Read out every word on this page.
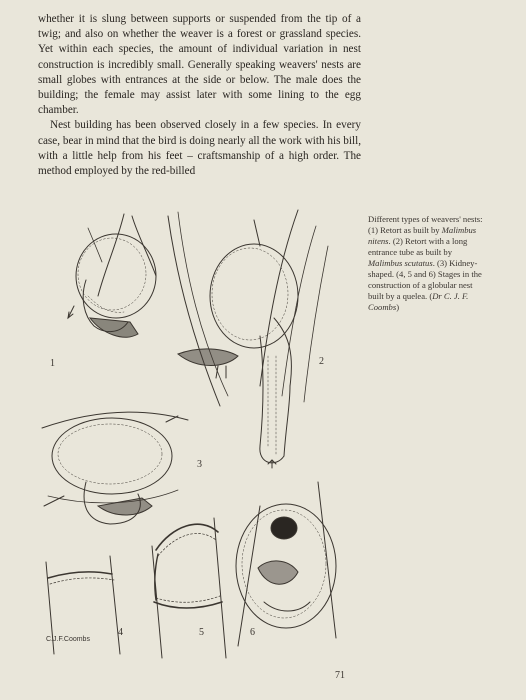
whether it is slung between supports or suspended from the tip of a twig; and also on whether the weaver is a forest or grassland species. Yet within each species, the amount of individual variation in nest construction is incredibly small. Generally speaking weavers' nests are small globes with entrances at the side or below. The male does the building; the female may assist later with some lining to the egg chamber.

Nest building has been observed closely in a few species. In every case, bear in mind that the bird is doing nearly all the work with his bill, with a little help from his feet – craftsmanship of a high order. The method employed by the red-billed

Different types of weavers' nests:
(1) Retort as built by Malimbus nitens. (2) Retort with a long entrance tube as built by Malimbus scutatus. (3) Kidney-shaped. (4, 5 and 6) Stages in the construction of a globular nest built by a quelea. (Dr C. J. F. Coombs)
1	2
3
4	5	6
C.J.F.Coombs
71
